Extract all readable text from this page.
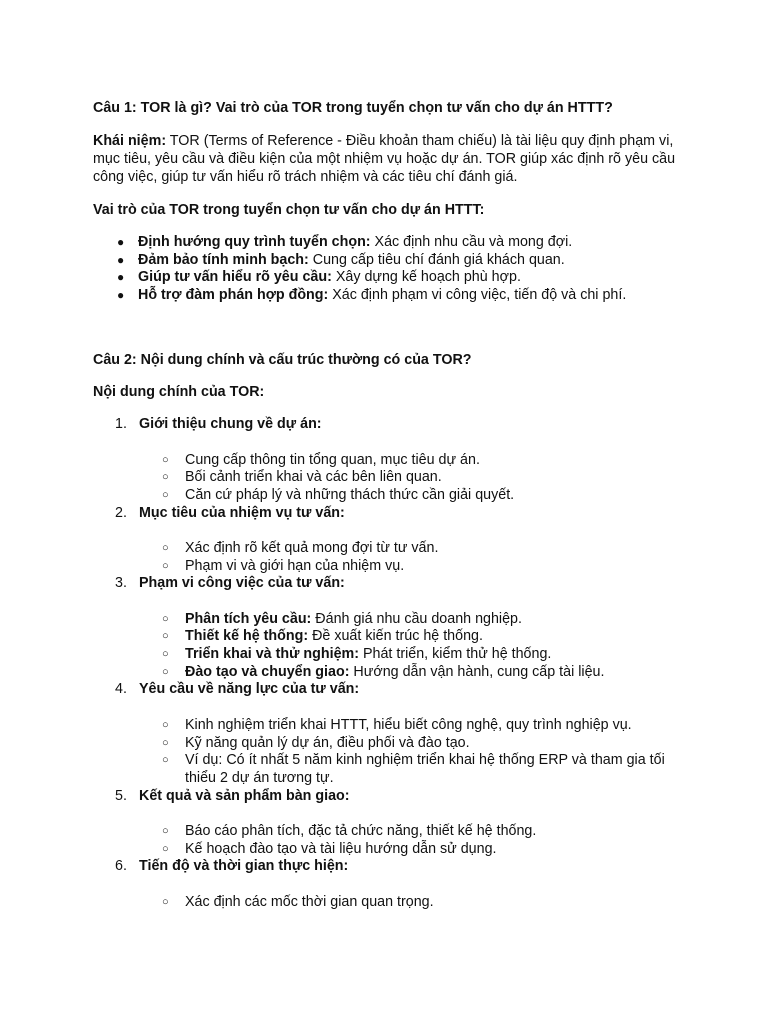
Câu 1: TOR là gì? Vai trò của TOR trong tuyển chọn tư vấn cho dự án HTTT?
Khái niệm: TOR (Terms of Reference - Điều khoản tham chiếu) là tài liệu quy định phạm vi, mục tiêu, yêu cầu và điều kiện của một nhiệm vụ hoặc dự án. TOR giúp xác định rõ yêu cầu công việc, giúp tư vấn hiểu rõ trách nhiệm và các tiêu chí đánh giá.
Vai trò của TOR trong tuyển chọn tư vấn cho dự án HTTT:
● Định hướng quy trình tuyển chọn: Xác định nhu cầu và mong đợi.
● Đảm bảo tính minh bạch: Cung cấp tiêu chí đánh giá khách quan.
● Giúp tư vấn hiểu rõ yêu cầu: Xây dựng kế hoạch phù hợp.
● Hỗ trợ đàm phán hợp đồng: Xác định phạm vi công việc, tiến độ và chi phí.
Câu 2: Nội dung chính và cấu trúc thường có của TOR?
Nội dung chính của TOR:
1. Giới thiệu chung về dự án:
○ Cung cấp thông tin tổng quan, mục tiêu dự án.
○ Bối cảnh triển khai và các bên liên quan.
○ Căn cứ pháp lý và những thách thức cần giải quyết.
2. Mục tiêu của nhiệm vụ tư vấn:
○ Xác định rõ kết quả mong đợi từ tư vấn.
○ Phạm vi và giới hạn của nhiệm vụ.
3. Phạm vi công việc của tư vấn:
○ Phân tích yêu cầu: Đánh giá nhu cầu doanh nghiệp.
○ Thiết kế hệ thống: Đề xuất kiến trúc hệ thống.
○ Triển khai và thử nghiệm: Phát triển, kiểm thử hệ thống.
○ Đào tạo và chuyển giao: Hướng dẫn vận hành, cung cấp tài liệu.
4. Yêu cầu về năng lực của tư vấn:
○ Kinh nghiệm triển khai HTTT, hiểu biết công nghệ, quy trình nghiệp vụ.
○ Kỹ năng quản lý dự án, điều phối và đào tạo.
○ Ví dụ: Có ít nhất 5 năm kinh nghiệm triển khai hệ thống ERP và tham gia tối thiểu 2 dự án tương tự.
5. Kết quả và sản phẩm bàn giao:
○ Báo cáo phân tích, đặc tả chức năng, thiết kế hệ thống.
○ Kế hoạch đào tạo và tài liệu hướng dẫn sử dụng.
6. Tiến độ và thời gian thực hiện:
○ Xác định các mốc thời gian quan trọng.
